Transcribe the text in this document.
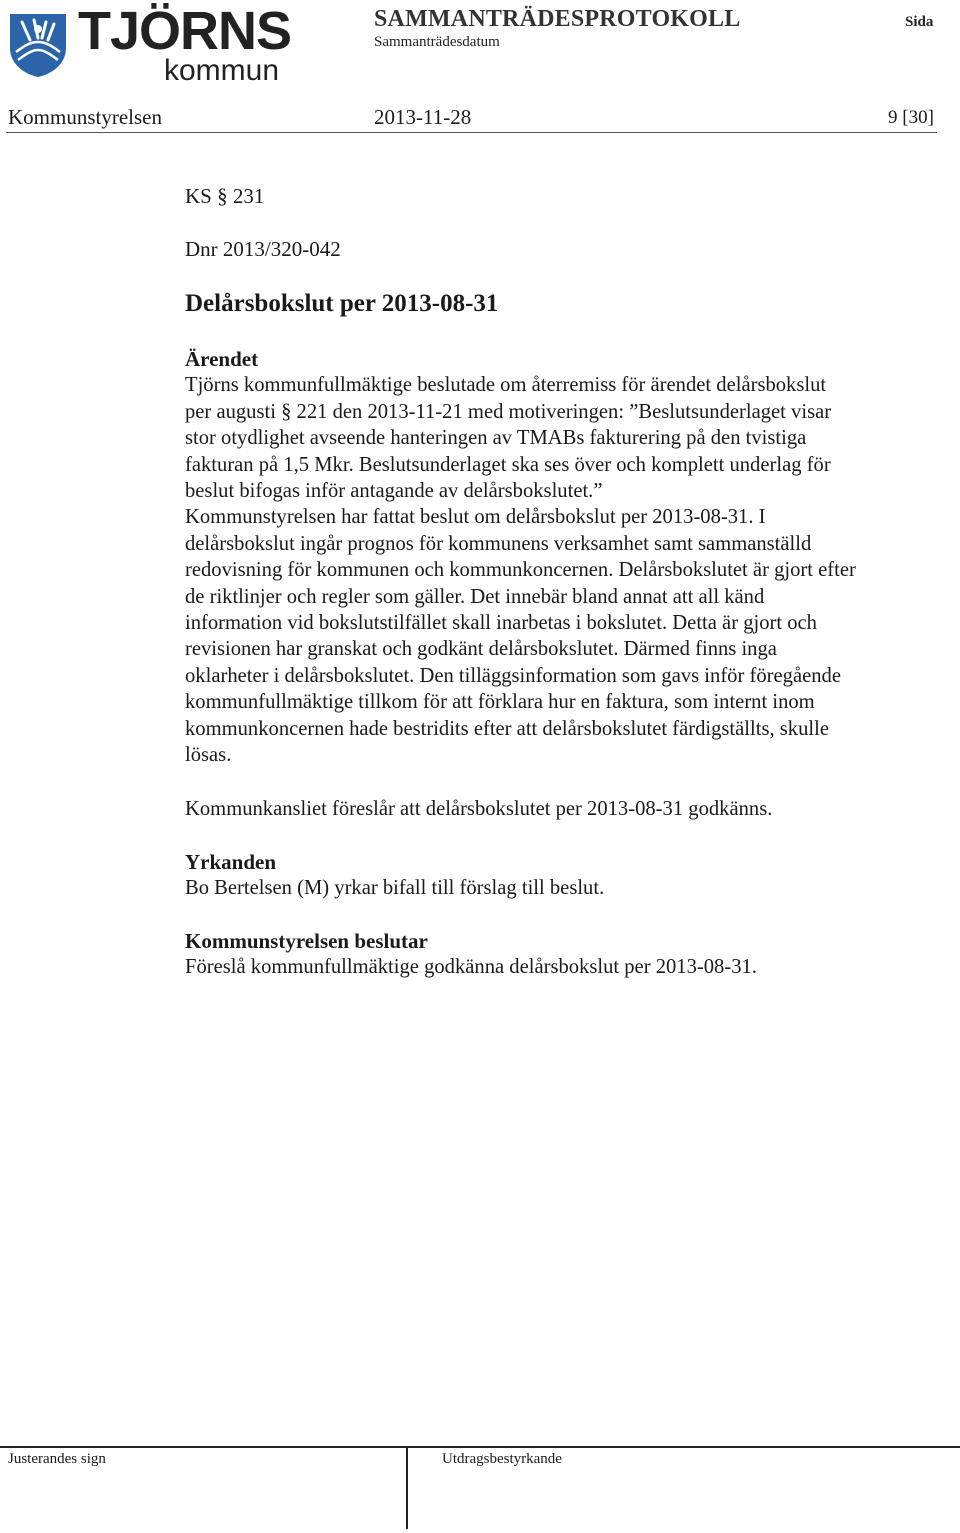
TJÖRNS
kommun
SAMMANTRÄDESPROTOKOLL
Sammanträdesdatum
Sida
Kommunstyrelsen	2013-11-28	9 [30]
KS § 231
Dnr 2013/320-042
Delårsbokslut per 2013-08-31
Ärendet

Tjörns kommunfullmäktige beslutade om återremiss för ärendet delårsbokslut

per augusti § 221 den 2013-11-21 med motiveringen: ”Beslutsunderlaget visar

stor otydlighet avseende hanteringen av TMABs fakturering på den tvistiga

fakturan på 1,5 Mkr. Beslutsunderlaget ska ses över och komplett underlag för

beslut bifogas inför antagande av delårsbokslutet.”

Kommunstyrelsen har fattat beslut om delårsbokslut per 2013-08-31. I

delårsbokslut ingår prognos för kommunens verksamhet samt sammanställd

redovisning för kommunen och kommunkoncernen. Delårsbokslutet är gjort efter

de riktlinjer och regler som gäller. Det innebär bland annat att all känd

information vid bokslutstilfället skall inarbetas i bokslutet. Detta är gjort och

revisionen har granskat och godkänt delårsbokslutet. Därmed finns inga

oklarheter i delårsbokslutet. Den tilläggsinformation som gavs inför föregående

kommunfullmäktige tillkom för att förklara hur en faktura, som internt inom

kommunkoncernen hade bestridits efter att delårsbokslutet färdigställts, skulle

lösas.

Kommunkansliet föreslår att delårsbokslutet per 2013-08-31 godkänns.

Yrkanden

Bo Bertelsen (M) yrkar bifall till förslag till beslut.

Kommunstyrelsen beslutar

Föreslå kommunfullmäktige godkänna delårsbokslut per 2013-08-31.

Justerandes sign	Utdragsbestyrkande
